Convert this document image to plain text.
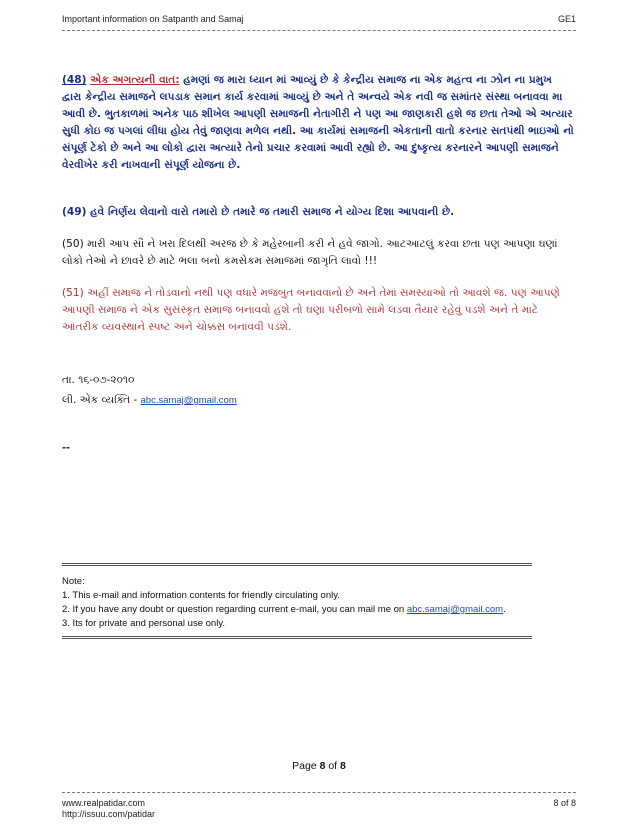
Important information on Satpanth and Samaj	GE1
(48) એક અગત્યની વાત: હમણાં જ મારા ધ્યાન માં આવ્યું છે કે કેન્દ્રીય સમાજ ના એક મહત્વ ના ઝોન ના પ્રમુખ દ્વારા કેન્દ્રીય સમાજને લપડાક સમાન કાર્ય કરવામાં આવ્યું છે અને તે અન્વયે એક નવી જ સમાંતર સંસ્થા બનાવવા મા આવી છે. ભુતકાળમાં અનેક પાઠ શીખેલ આપણી સમાજની નેતાગીરી ને પણ આ જાણકારી હશે જ છતા તેઓ એ અત્યાર સુધી કોઇ જ પગલાં લીધા હોય તેવું જાણવા મળેલ નથી. આ કાર્યમાં સમાજની એકતાની વાતો કરનાર સતપંથી ભાઇઓ નો સંપૂર્ણ ટેકો છે અને આ લોકો દ્વારા અત્યારે તેનો પ્રચાર કરવામાં આવી રહ્યો છે. આ દુષ્કૃત્ય કરનારને આપણી સમાજને વેરવીખેર કરી નાખવાની સંપૂર્ણ યોજના છે.
(49) હવે નિર્ણય લેવાનો વારો તમારો છે તમારે જ તમારી સમાજ ને યોગ્ય દિશા આપવાની છે.
(50) મારી આપ સૌ ને ખરા દિલથી અરજ છે કે મહેરબાની કરી ને હવે જાગો. આટઆટલું કરવા છતા પણ આપણા ઘણાં લોકો તેઓ ને છાવરે છે માટે ભલા બનો કમસેકમ સમાજમાં જાગૃતિ લાવો !!!
(51) અહીં સમાજ ને તોડવાનો નથી પણ વધારે મજબુત બનાવવાનો છે અને તેમાં સમસ્યાઓ તો આવશે જ. પણ આપણે આપણી સમાજ ને એક સુસંસ્કૃત સમાજ બનાવવો હશે તો ઘણાં પરીબળો સામે લડવા તૈયાર રહેવું પડશે અને તે માટે આંતરીક વ્યવસ્થાને સ્પષ્ટ અને ચોક્કસ બનાવવી પડશે.
તા. ૧૬-૦૭-૨૦૧૦
લી. એક વ્યક્તિ - abc.samaj@gmail.com
--
Note:
1. This e-mail and information contents for friendly circulating only.
2. If you have any doubt or question regarding current e-mail, you can mail me on abc.samaj@gmail.com.
3. Its for private and personal use only.
Page 8 of 8
www.realpatidar.com
http://issuu.com/patidar
8 of 8
